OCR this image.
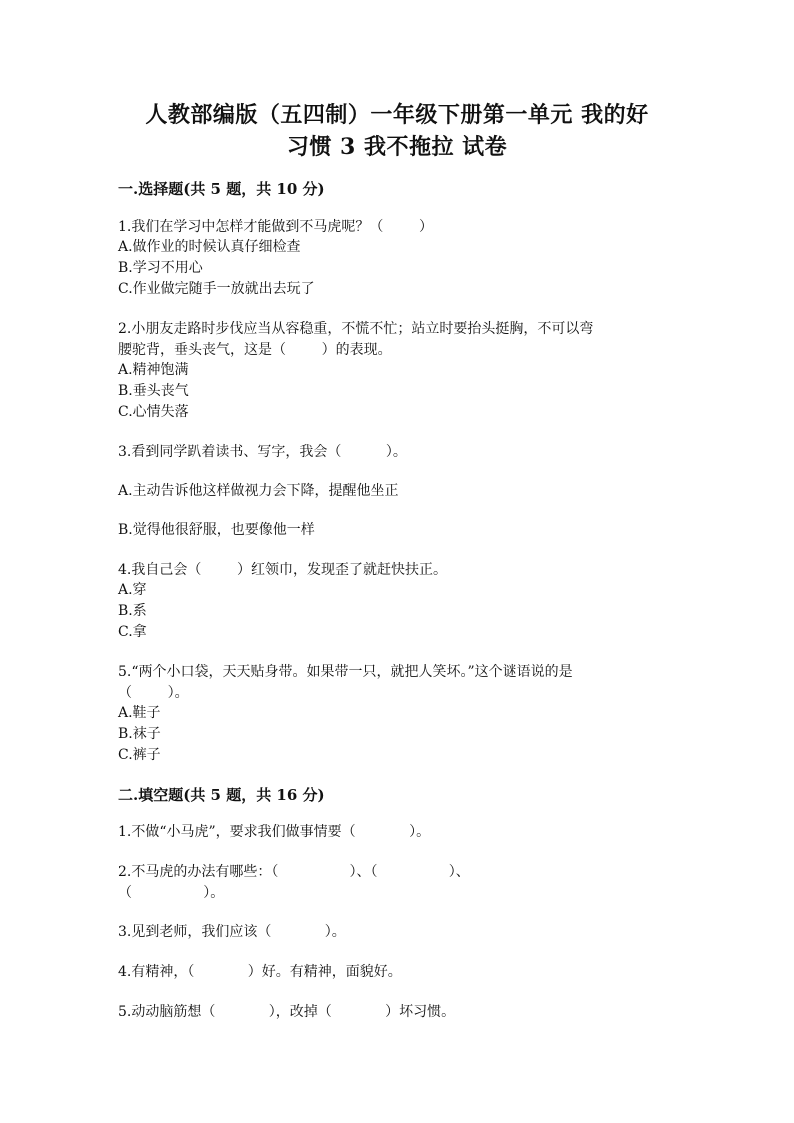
人教部编版（五四制）一年级下册第一单元 我的好
习惯 3 我不拖拉 试卷
一.选择题(共 5 题，共 10 分)
1.我们在学习中怎样才能做到不马虎呢？（        ）
A.做作业的时候认真仔细检查
B.学习不用心
C.作业做完随手一放就出去玩了
2.小朋友走路时步伐应当从容稳重，不慌不忙；站立时要抬头挺胸，不可以弯
腰驼背，垂头丧气，这是（        ）的表现。
A.精神饱满
B.垂头丧气
C.心情失落
3.看到同学趴着读书、写字，我会（          ）。
A.主动告诉他这样做视力会下降，提醒他坐正
B.觉得他很舒服，也要像他一样
4.我自己会（        ）红领巾，发现歪了就赶快扶正。
A.穿
B.系
C.拿
5.“两个小口袋，天天贴身带。如果带一只，就把人笑坏。”这个谜语说的是
（        ）。
A.鞋子
B.袜子
C.裤子
二.填空题(共 5 题，共 16 分)
1.不做“小马虎”，要求我们做事情要（            ）。
2.不马虎的办法有哪些：（                ）、（                ）、
（                ）。
3.见到老师，我们应该（            ）。
4.有精神，（            ）好。有精神，面貌好。
5.动动脑筋想（            ），改掉（            ）坏习惯。
